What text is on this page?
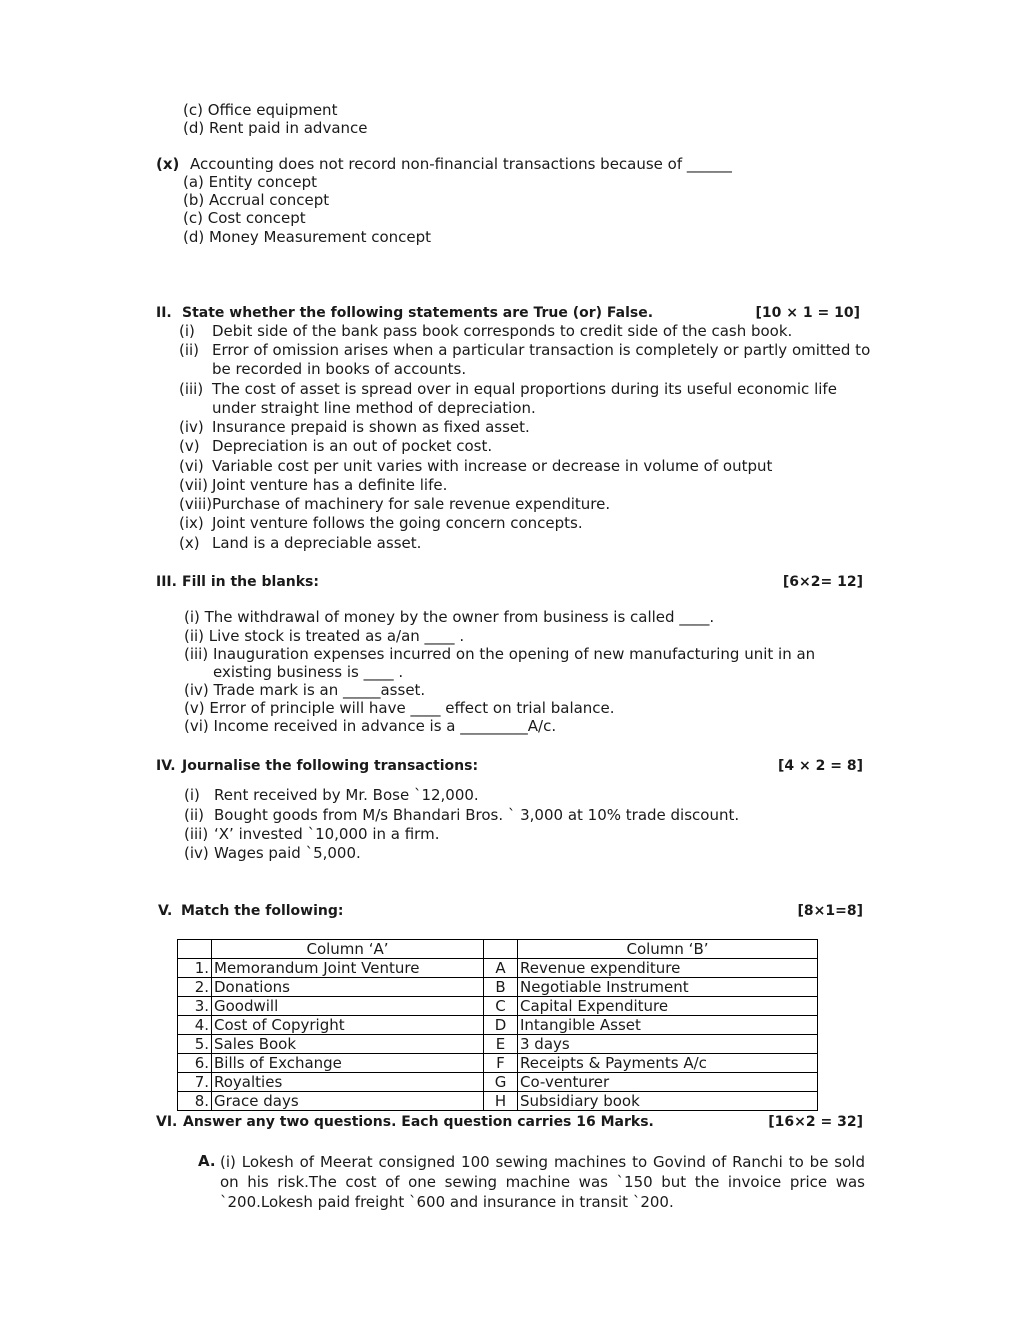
(c) Office equipment
(d) Rent paid in advance
(x) Accounting does not record non-financial transactions because of ______
(a) Entity concept
(b) Accrual concept
(c) Cost concept
(d) Money Measurement concept
II. State whether the following statements are True (or) False.	[10 × 1 = 10]
(i) Debit side of the bank pass book corresponds to credit side of the cash book.
(ii) Error of omission arises when a particular transaction is completely or partly omitted to
be recorded in books of accounts.
(iii) The cost of asset is spread over in equal proportions during its useful economic life
under straight line method of depreciation.
(iv) Insurance prepaid is shown as fixed asset.
(v) Depreciation is an out of pocket cost.
(vi) Variable cost per unit varies with increase or decrease in volume of output
(vii) Joint venture has a definite life.
(viii) Purchase of machinery for sale revenue expenditure.
(ix) Joint venture follows the going concern concepts.
(x) Land is a depreciable asset.
III. Fill in the blanks:	[6×2= 12]
(i) The withdrawal of money by the owner from business is called ____.
(ii) Live stock is treated as a/an ____ .
(iii) Inauguration expenses incurred on the opening of new manufacturing unit in an
existing business is ____ .
(iv) Trade mark is an _____asset.
(v) Error of principle will have ____ effect on trial balance.
(vi) Income received in advance is a _________A/c.
IV. Journalise the following transactions:	[4 × 2 = 8]
(i) Rent received by Mr. Bose `12,000.
(ii) Bought goods from M/s Bhandari Bros. ` 3,000 at 10% trade discount.
(iii) ‘X’ invested `10,000 in a firm.
(iv) Wages paid `5,000.
V. Match the following:	[8×1=8]
	Column ‘A’		Column ‘B’
1.	Memorandum Joint Venture	A	Revenue expenditure
2.	Donations	B	Negotiable Instrument
3.	Goodwill	C	Capital Expenditure
4.	Cost of Copyright	D	Intangible Asset
5.	Sales Book	E	3 days
6.	Bills of Exchange	F	Receipts & Payments A/c
7.	Royalties	G	Co-venturer
8.	Grace days	H	Subsidiary book
VI. Answer any two questions. Each question carries 16 Marks.	[16×2 = 32]
A. (i) Lokesh of Meerat consigned 100 sewing machines to Govind of Ranchi to be sold on his risk.The cost of one sewing machine was `150 but the invoice price was `200.Lokesh paid freight `600 and insurance in transit `200.
